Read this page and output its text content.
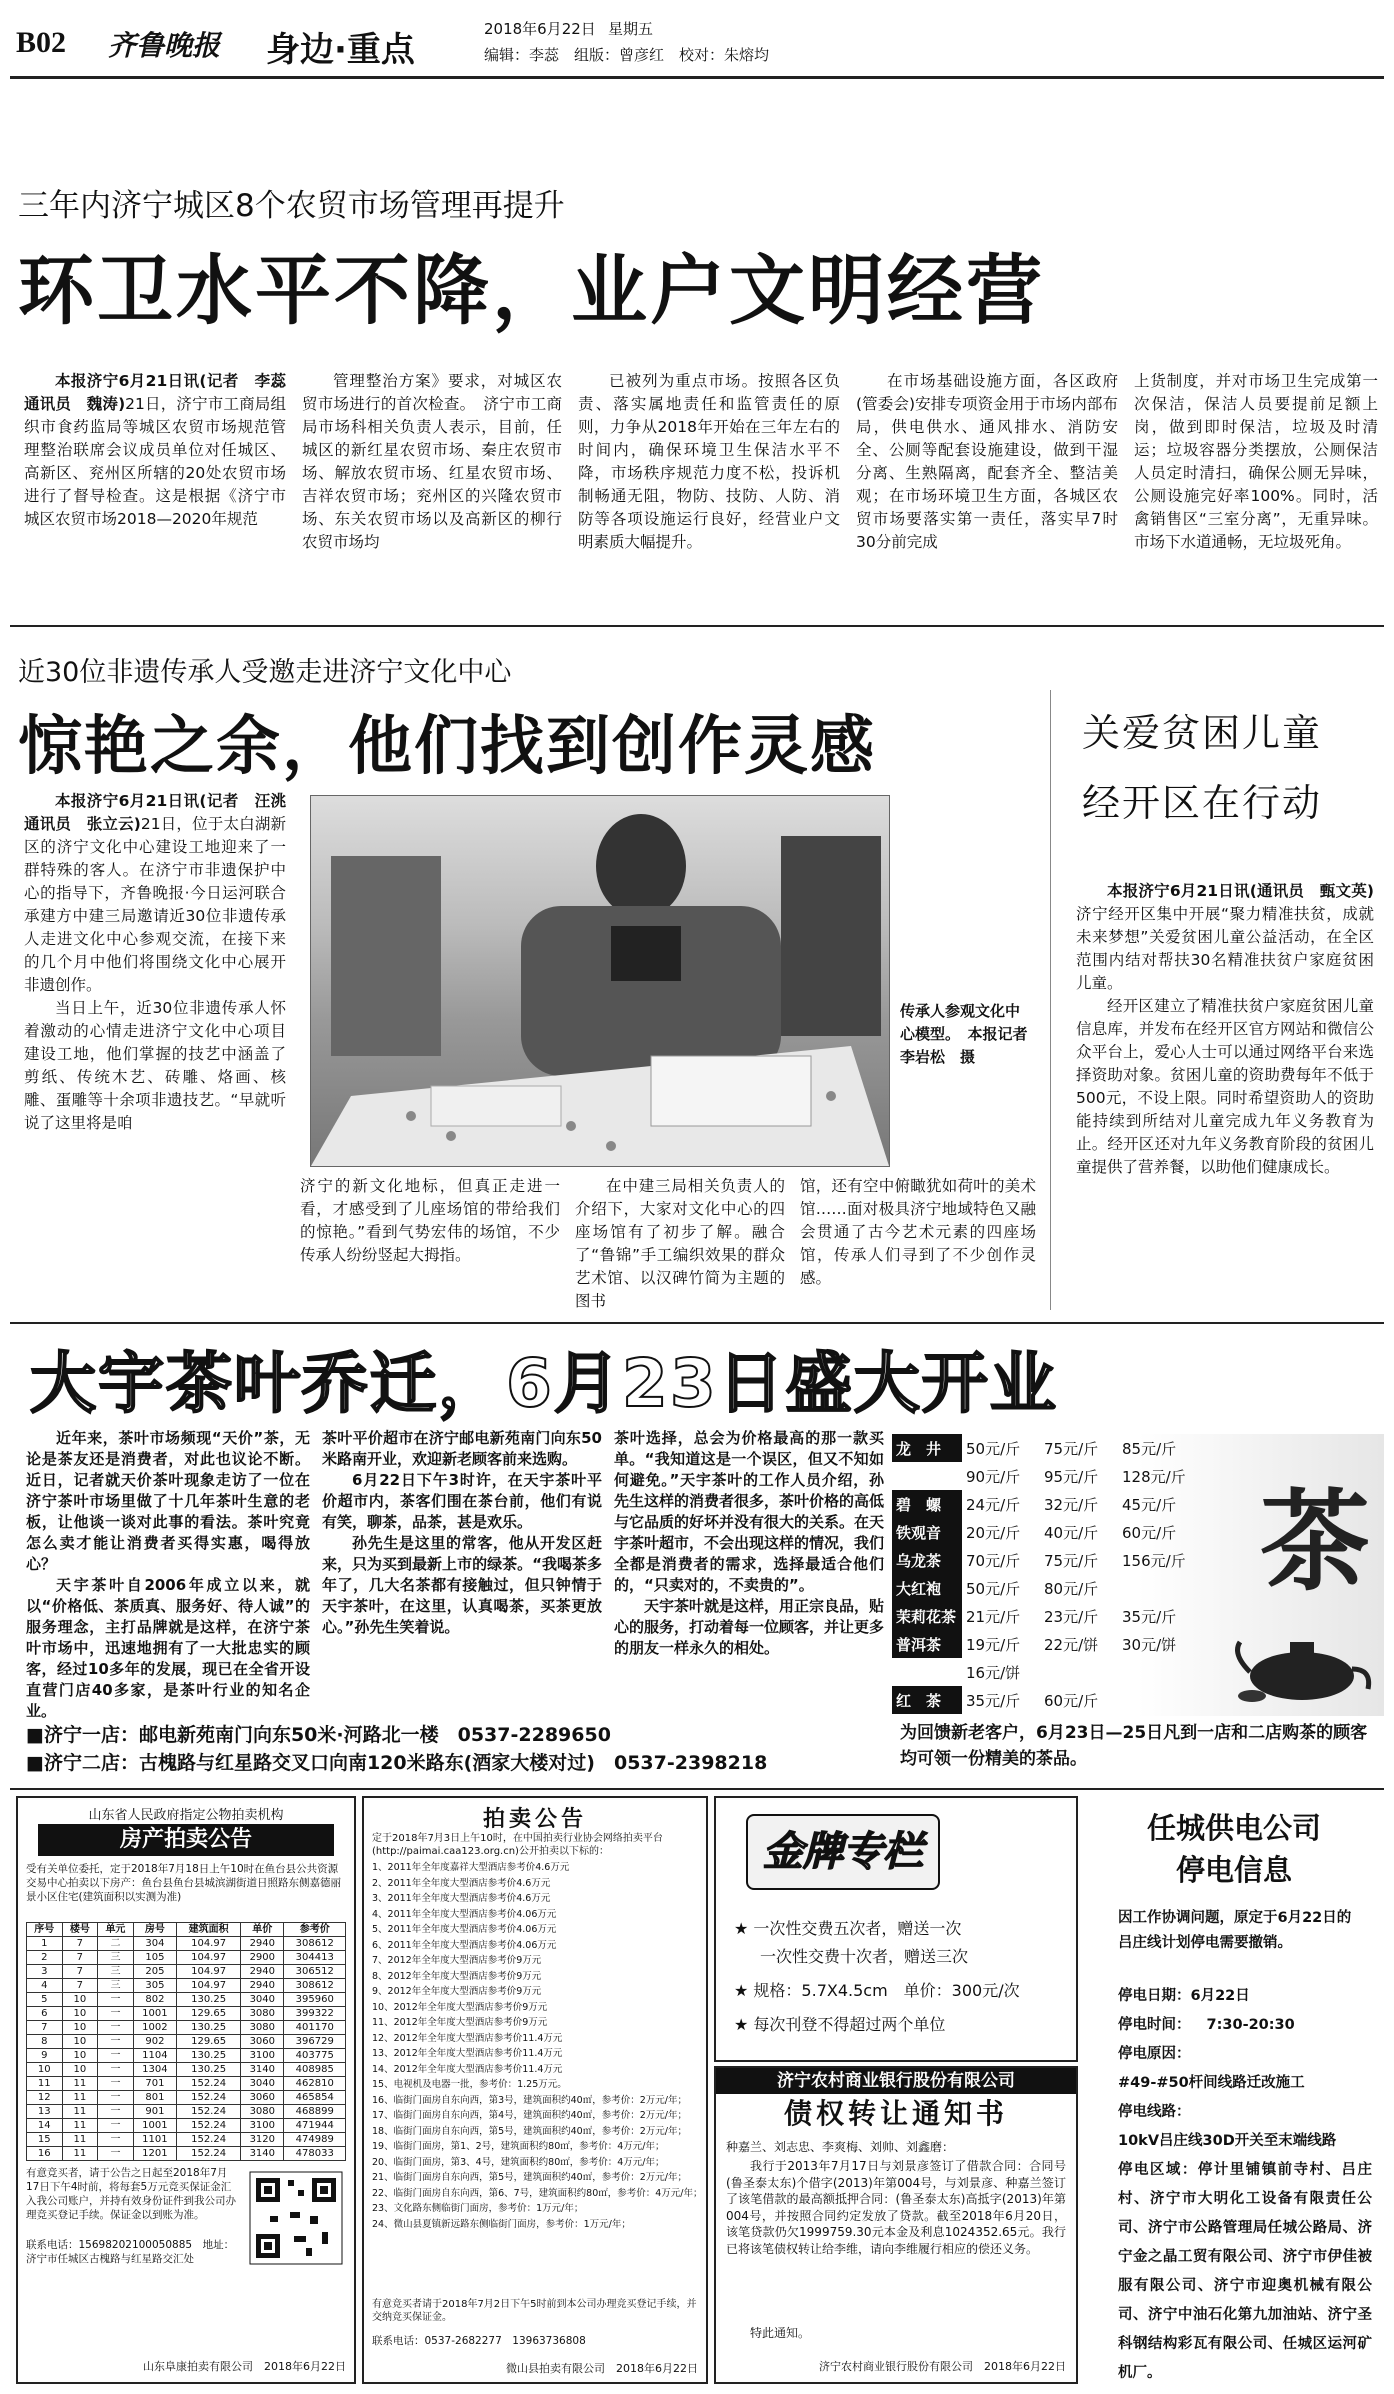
B02 齐鲁晚报 身边·重点
2018年6月22日 星期五
编辑：李蕊　组版：曾彦红　校对：朱熔均
三年内济宁城区8个农贸市场管理再提升
环卫水平不降，业户文明经营

本报济宁6月21日讯(记者　李蕊　通讯员　魏涛)21日，济宁市工商局组织市食药监局等城区农贸市场规范管理整治联席会议成员单位对任城区、高新区、兖州区所辖的20处农贸市场进行了督导检查。这是根据《济宁市城区农贸市场2018—2020年规范

管理整治方案》要求，对城区农贸市场进行的首次检查。　济宁市工商局市场科相关负责人表示，目前，任城区的新红星农贸市场、秦庄农贸市场、解放农贸市场、红星农贸市场、吉祥农贸市场；兖州区的兴隆农贸市场、东关农贸市场以及高新区的柳行农贸市场均

已被列为重点市场。按照各区负责、落实属地责任和监管责任的原则，力争从2018年开始在三年左右的时间内，确保环境卫生保洁水平不降，市场秩序规范力度不松，投诉机制畅通无阻，物防、技防、人防、消防等各项设施运行良好，经营业户文明素质大幅提升。

在市场基础设施方面，各区政府(管委会)安排专项资金用于市场内部布局，供电供水、通风排水、消防安全、公厕等配套设施建设，做到干湿分离、生熟隔离，配套齐全、整洁美观；在市场环境卫生方面，各城区农贸市场要落实第一责任，落实早7时30分前完成

上货制度，并对市场卫生完成第一次保洁，保洁人员要提前足额上岗，做到即时保洁，垃圾及时清运；垃圾容器分类摆放，公厕保洁人员定时清扫，确保公厕无异味，公厕设施完好率100%。同时，活禽销售区“三室分离”，无重异味。市场下水道通畅，无垃圾死角。

近30位非遗传承人受邀走进济宁文化中心
惊艳之余，他们找到创作灵感

本报济宁6月21日讯(记者　汪洮　通讯员　张立云)21日，位于太白湖新区的济宁文化中心建设工地迎来了一群特殊的客人。在济宁市非遗保护中心的指导下，齐鲁晚报·今日运河联合承建方中建三局邀请近30位非遗传承人走进文化中心参观交流，在接下来的几个月中他们将围绕文化中心展开非遗创作。

当日上午，近30位非遗传承人怀着激动的心情走进济宁文化中心项目建设工地，他们掌握的技艺中涵盖了剪纸、传统木艺、砖雕、烙画、核雕、蛋雕等十余项非遗技艺。“早就听说了这里将是咱

传承人参观文化中心模型。　本报记者　李岩松　摄

济宁的新文化地标，但真正走进一看，才感受到了儿座场馆的带给我们的惊艳。”看到气势宏伟的场馆，不少传承人纷纷竖起大拇指。

在中建三局相关负责人的介绍下，大家对文化中心的四座场馆有了初步了解。融合了“鲁锦”手工编织效果的群众艺术馆、以汉碑竹简为主题的图书

馆，还有空中俯瞰犹如荷叶的美术馆……面对极具济宁地域特色又融会贯通了古今艺术元素的四座场馆，传承人们寻到了不少创作灵感。

关爱贫困儿童
经开区在行动

本报济宁6月21日讯(通讯员　甄文英)济宁经开区集中开展“聚力精准扶贫，成就未来梦想”关爱贫困儿童公益活动，在全区范围内结对帮扶30名精准扶贫户家庭贫困儿童。

经开区建立了精准扶贫户家庭贫困儿童信息库，并发布在经开区官方网站和微信公众平台上，爱心人士可以通过网络平台来选择资助对象。贫困儿童的资助费每年不低于500元，不设上限。同时希望资助人的资助能持续到所结对儿童完成九年义务教育为止。经开区还对九年义务教育阶段的贫困儿童提供了营养餐，以助他们健康成长。

大宇茶叶乔迁，6月23日盛大开业

近年来，茶叶市场频现“天价”茶，无论是茶友还是消费者，对此也议论不断。近日，记者就天价茶叶现象走访了一位在济宁茶叶市场里做了十几年茶叶生意的老板，让他谈一谈对此事的看法。茶叶究竟怎么卖才能让消费者买得实惠，喝得放心？

天宇茶叶自2006年成立以来，就以“价格低、茶质真、服务好、待人诚”的服务理念，主打品牌就是这样，在济宁茶叶市场中，迅速地拥有了一大批忠实的顾客，经过10多年的发展，现已在全省开设直营门店40多家，是茶叶行业的知名企业。

茶叶平价超市在济宁邮电新苑南门向东50米路南开业，欢迎新老顾客前来选购。

6月22日下午3时许，在天宇茶叶平价超市内，茶客们围在茶台前，他们有说有笑，聊茶，品茶，甚是欢乐。

孙先生是这里的常客，他从开发区赶来，只为买到最新上市的绿茶。“我喝茶多年了，几大名茶都有接触过，但只钟情于天宇茶叶，在这里，认真喝茶，买茶更放心。”孙先生笑着说。

茶叶选择，总会为价格最高的那一款买单。“我知道这是一个误区，但又不知如何避免。”天宇茶叶的工作人员介绍，孙先生这样的消费者很多，茶叶价格的高低与它品质的好坏并没有很大的关系。在天宇茶叶超市，不会出现这样的情况，我们全都是消费者的需求，选择最适合他们的，“只卖对的，不卖贵的”。

天宇茶叶就是这样，用正宗良品，贴心的服务，打动着每一位顾客，并让更多的朋友一样永久的相处。

龙　井	50元/斤	75元/斤	85元/斤
	90元/斤	95元/斤	128元/斤
碧　螺	24元/斤	32元/斤	45元/斤
铁观音	20元/斤	40元/斤	60元/斤
乌龙茶	70元/斤	75元/斤	156元/斤
大红袍	50元/斤	80元/斤	
茉莉花茶	21元/斤	23元/斤	35元/斤
普洱茶	19元/斤	22元/饼	30元/饼
	16元/饼		
红　茶	35元/斤	60元/斤	
茶
■济宁一店：邮电新苑南门向东50米·河路北一楼　0537-2289650
■济宁二店：古槐路与红星路交叉口向南120米路东(酒家大楼对过)　0537-2398218
为回馈新老客户，6月23日—25日凡到一店和二店购茶的顾客均可领一份精美的茶品。
山东省人民政府指定公物拍卖机构
房产拍卖公告
受有关单位委托，定于2018年7月18日上午10时在鱼台县公共资源交易中心拍卖以下房产：鱼台县鱼台县城滨湖街道日照路东侧嘉德丽景小区住宅(建筑面积以实测为准)
序号	楼号	单元	房号	建筑面积	单价	参考价
1	7	二	304	104.97	2940	308612
2	7	三	105	104.97	2900	304413
3	7	三	205	104.97	2940	306512
4	7	三	305	104.97	2940	308612
5	10	一	802	130.25	3040	395960
6	10	一	1001	129.65	3080	399322
7	10	一	1002	130.25	3080	401170
8	10	一	902	129.65	3060	396729
9	10	一	1104	130.25	3100	403775
10	10	一	1304	130.25	3140	408985
11	11	一	701	152.24	3040	462810
12	11	一	801	152.24	3060	465854
13	11	一	901	152.24	3080	468899
14	11	一	1001	152.24	3100	471944
15	11	一	1101	152.24	3120	474989
16	11	一	1201	152.24	3140	478033
有意竞买者，请于公告之日起至2018年7月17日下午4时前，将每套5万元竞买保证金汇入我公司账户，并持有效身份证件到我公司办理竞买登记手续。保证金以到账为准。
联系电话：15698202100050885　地址：济宁市任城区古槐路与红星路交汇处
山东阜康拍卖有限公司　2018年6月22日
拍卖公告
定于2018年7月3日上午10时，在中国拍卖行业协会网络拍卖平台(http://paimai.caa123.org.cn)公开拍卖以下标的：
1、2011年全年度嘉祥大型酒店参考价4.6万元
2、2011年全年度大型酒店参考价4.6万元
3、2011年全年度大型酒店参考价4.6万元
4、2011年全年度大型酒店参考价4.06万元
5、2011年全年度大型酒店参考价4.06万元
6、2011年全年度大型酒店参考价4.06万元
7、2012年全年度大型酒店参考价9万元
8、2012年全年度大型酒店参考价9万元
9、2012年全年度大型酒店参考价9万元
10、2012年全年度大型酒店参考价9万元
11、2012年全年度大型酒店参考价9万元
12、2012年全年度大型酒店参考价11.4万元
13、2012年全年度大型酒店参考价11.4万元
14、2012年全年度大型酒店参考价11.4万元
15、电视机及电器一批，参考价：1.25万元。
16、临街门面房自东向西，第3号，建筑面积约40㎡，参考价：2万元/年；
17、临街门面房自东向西，第4号，建筑面积约40㎡，参考价：2万元/年；
18、临街门面房自东向西，第5号，建筑面积约40㎡，参考价：2万元/年；
19、临街门面房，第1、2号，建筑面积约80㎡，参考价：4万元/年；
20、临街门面房，第3、4号，建筑面积约80㎡，参考价：4万元/年；
21、临街门面房自东向西，第5号，建筑面积约40㎡，参考价：2万元/年；
22、临街门面房自东向西，第6、7号，建筑面积约80㎡，参考价：4万元/年；
23、文化路东侧临街门面房，参考价：1万元/年；
24、微山县夏镇新远路东侧临街门面房，参考价：1万元/年；
有意竞买者请于2018年7月2日下午5时前到本公司办理竞买登记手续，并交纳竞买保证金。
联系电话：0537-2682277　13963736808
微山县拍卖有限公司　2018年6月22日
金牌专栏
★ 一次性交费五次者，赠送一次
一次性交费十次者，赠送三次
★ 规格：5.7X4.5cm　单价：300元/次
★ 每次刊登不得超过两个单位
济宁农村商业银行股份有限公司
债权转让通知书
种嘉兰、刘志忠、李爽梅、刘帅、刘鑫磨：
我行于2013年7月17日与刘景彦签订了借款合同：合同号(鲁圣泰太东)个借字(2013)年第004号，与刘景彦、种嘉兰签订了该笔借款的最高额抵押合同：(鲁圣泰太东)高抵字(2013)年第004号，并按照合同约定发放了贷款。截至2018年6月20日，该笔贷款仍欠1999759.30元本金及利息1024352.65元。我行已将该笔债权转让给李维，请向李维履行相应的偿还义务。
特此通知。
济宁农村商业银行股份有限公司　2018年6月22日
任城供电公司
停电信息
因工作协调问题，原定于6月22日的吕庄线计划停电需要撤销。
停电日期：6月22日
停电时间： 7:30-20:30
停电原因：
#49-#50杆间线路迁改施工
停电线路：
10kV吕庄线30D开关至末端线路
停电区域：停计里铺镇前寺村、吕庄村、济宁市大明化工设备有限责任公司、济宁市公路管理局任城公路局、济宁金之晶工贸有限公司、济宁市伊佳被服有限公司、济宁市迎奥机械有限公司、济宁中油石化第九加油站、济宁圣科钢结构彩瓦有限公司、任城区运河矿机厂。
